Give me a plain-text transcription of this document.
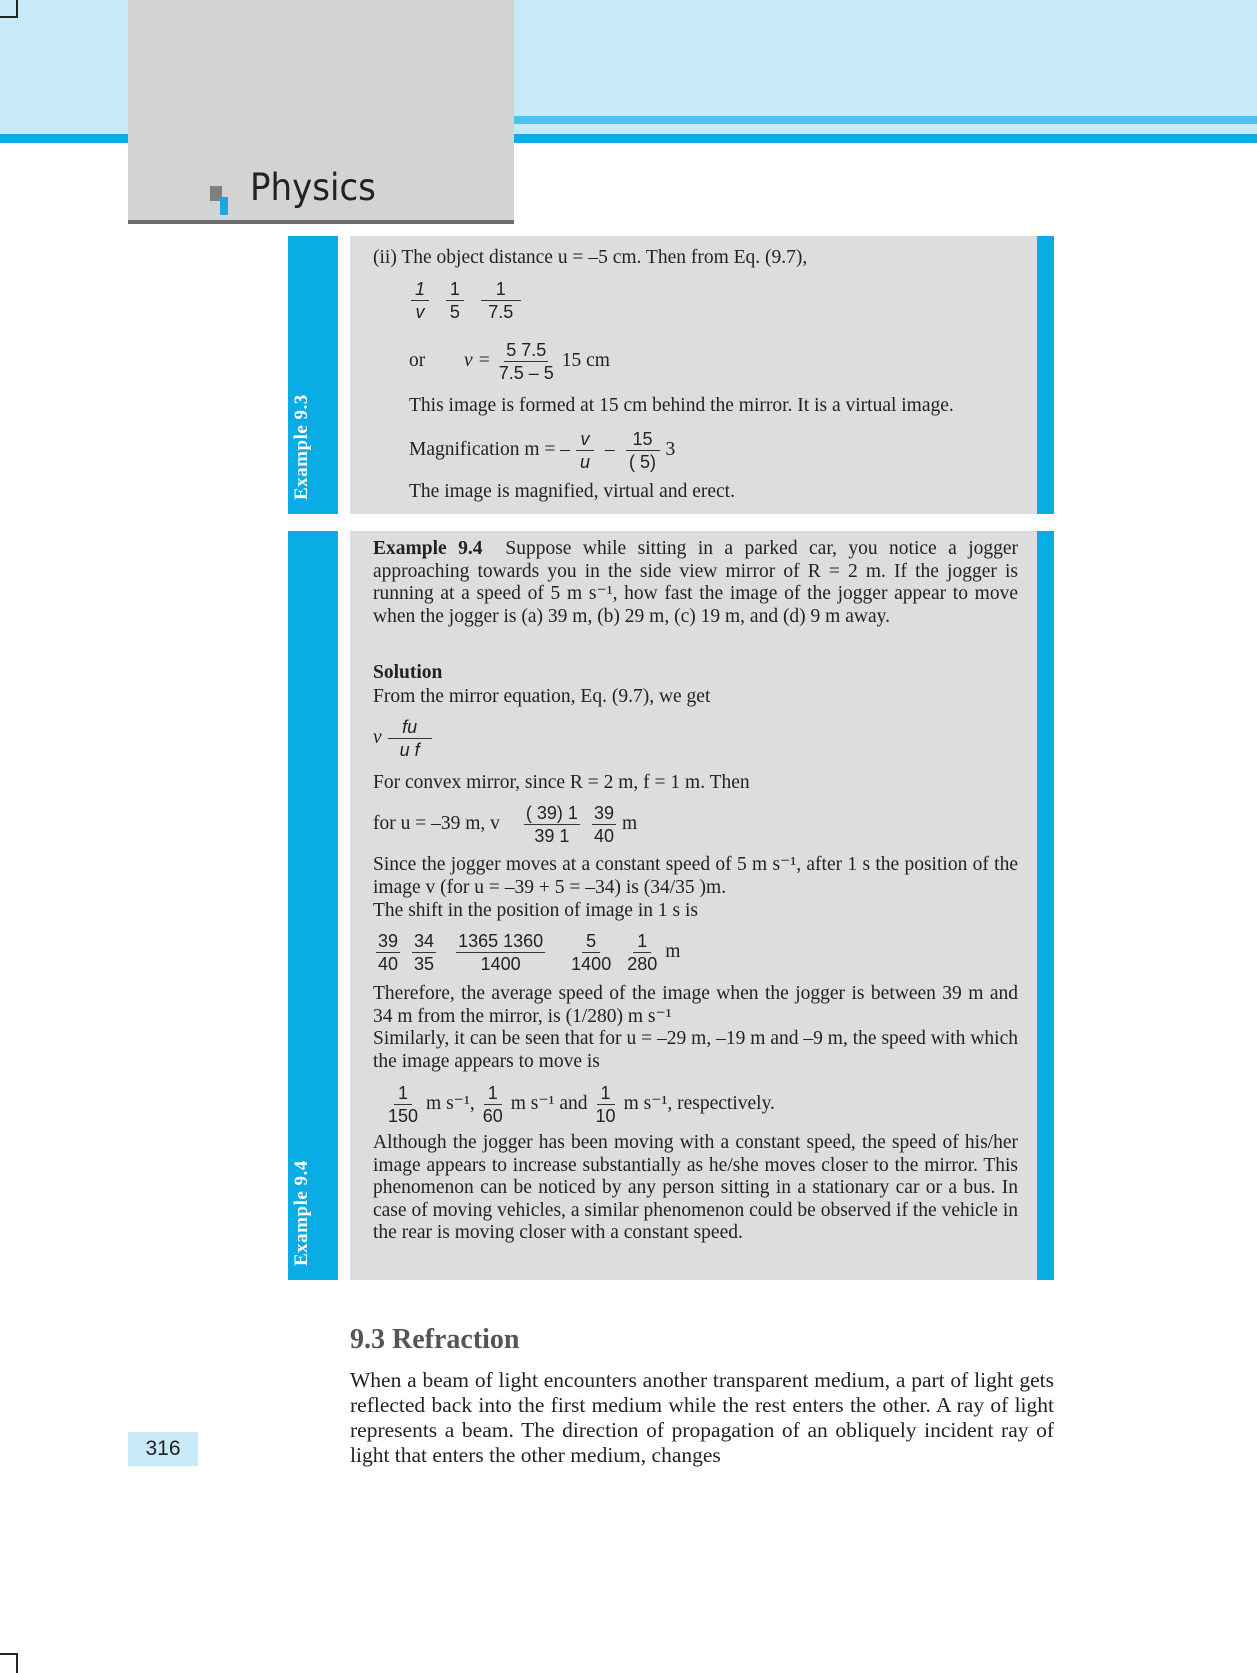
Physics
Example 9.3
(ii) The object distance u = –5 cm. Then from Eq. (9.7),
$\frac{1}{v}$
$\frac{1}{5}$
$\frac{1}{7.5}$
or $v = \frac{5 7.5}{7.5 - 5} 15$ cm
This image is formed at 15 cm behind the mirror. It is a virtual image.
Magnification m = – $\frac{v}{u} - \frac{15}{( 5)} 3$
The image is magnified, virtual and erect.
Example 9.4
Example 9.4 Suppose while sitting in a parked car, you notice a jogger approaching towards you in the side view mirror of R = 2 m. If the jogger is running at a speed of 5 m s⁻¹, how fast the image of the jogger appear to move when the jogger is (a) 39 m, (b) 29 m, (c) 19 m, and (d) 9 m away.
Solution
From the mirror equation, Eq. (9.7), we get
v $\frac{fu}{\text{u f}}$
For convex mirror, since R = 2 m, f = 1 m. Then
for u = –39 m, v $\frac{( 39) 1}{39 1} \frac{39}{40}$ m
Since the jogger moves at a constant speed of 5 m s⁻¹, after 1 s the position of the image v (for u = –39 + 5 = –34) is (34/35 )m.
The shift in the position of image in 1 s is
$\frac{39}{40} \frac{34}{35} \frac{1365 1360}{1400} \frac{5}{1400} \frac{1}{280}$ m
Therefore, the average speed of the image when the jogger is between 39 m and 34 m from the mirror, is (1/280) m s⁻¹
Similarly, it can be seen that for u = –29 m, –19 m and –9 m, the speed with which the image appears to move is
$\frac{1}{150}$ m s⁻¹, $\frac{1}{60}$ m s⁻¹ and $\frac{1}{10}$ m s⁻¹, respectively.
Although the jogger has been moving with a constant speed, the speed of his/her image appears to increase substantially as he/she moves closer to the mirror. This phenomenon can be noticed by any person sitting in a stationary car or a bus. In case of moving vehicles, a similar phenomenon could be observed if the vehicle in the rear is moving closer with a constant speed.
9.3 Refraction
When a beam of light encounters another transparent medium, a part of light gets reflected back into the first medium while the rest enters the other. A ray of light represents a beam. The direction of propagation of an obliquely incident ray of light that enters the other medium, changes
316
